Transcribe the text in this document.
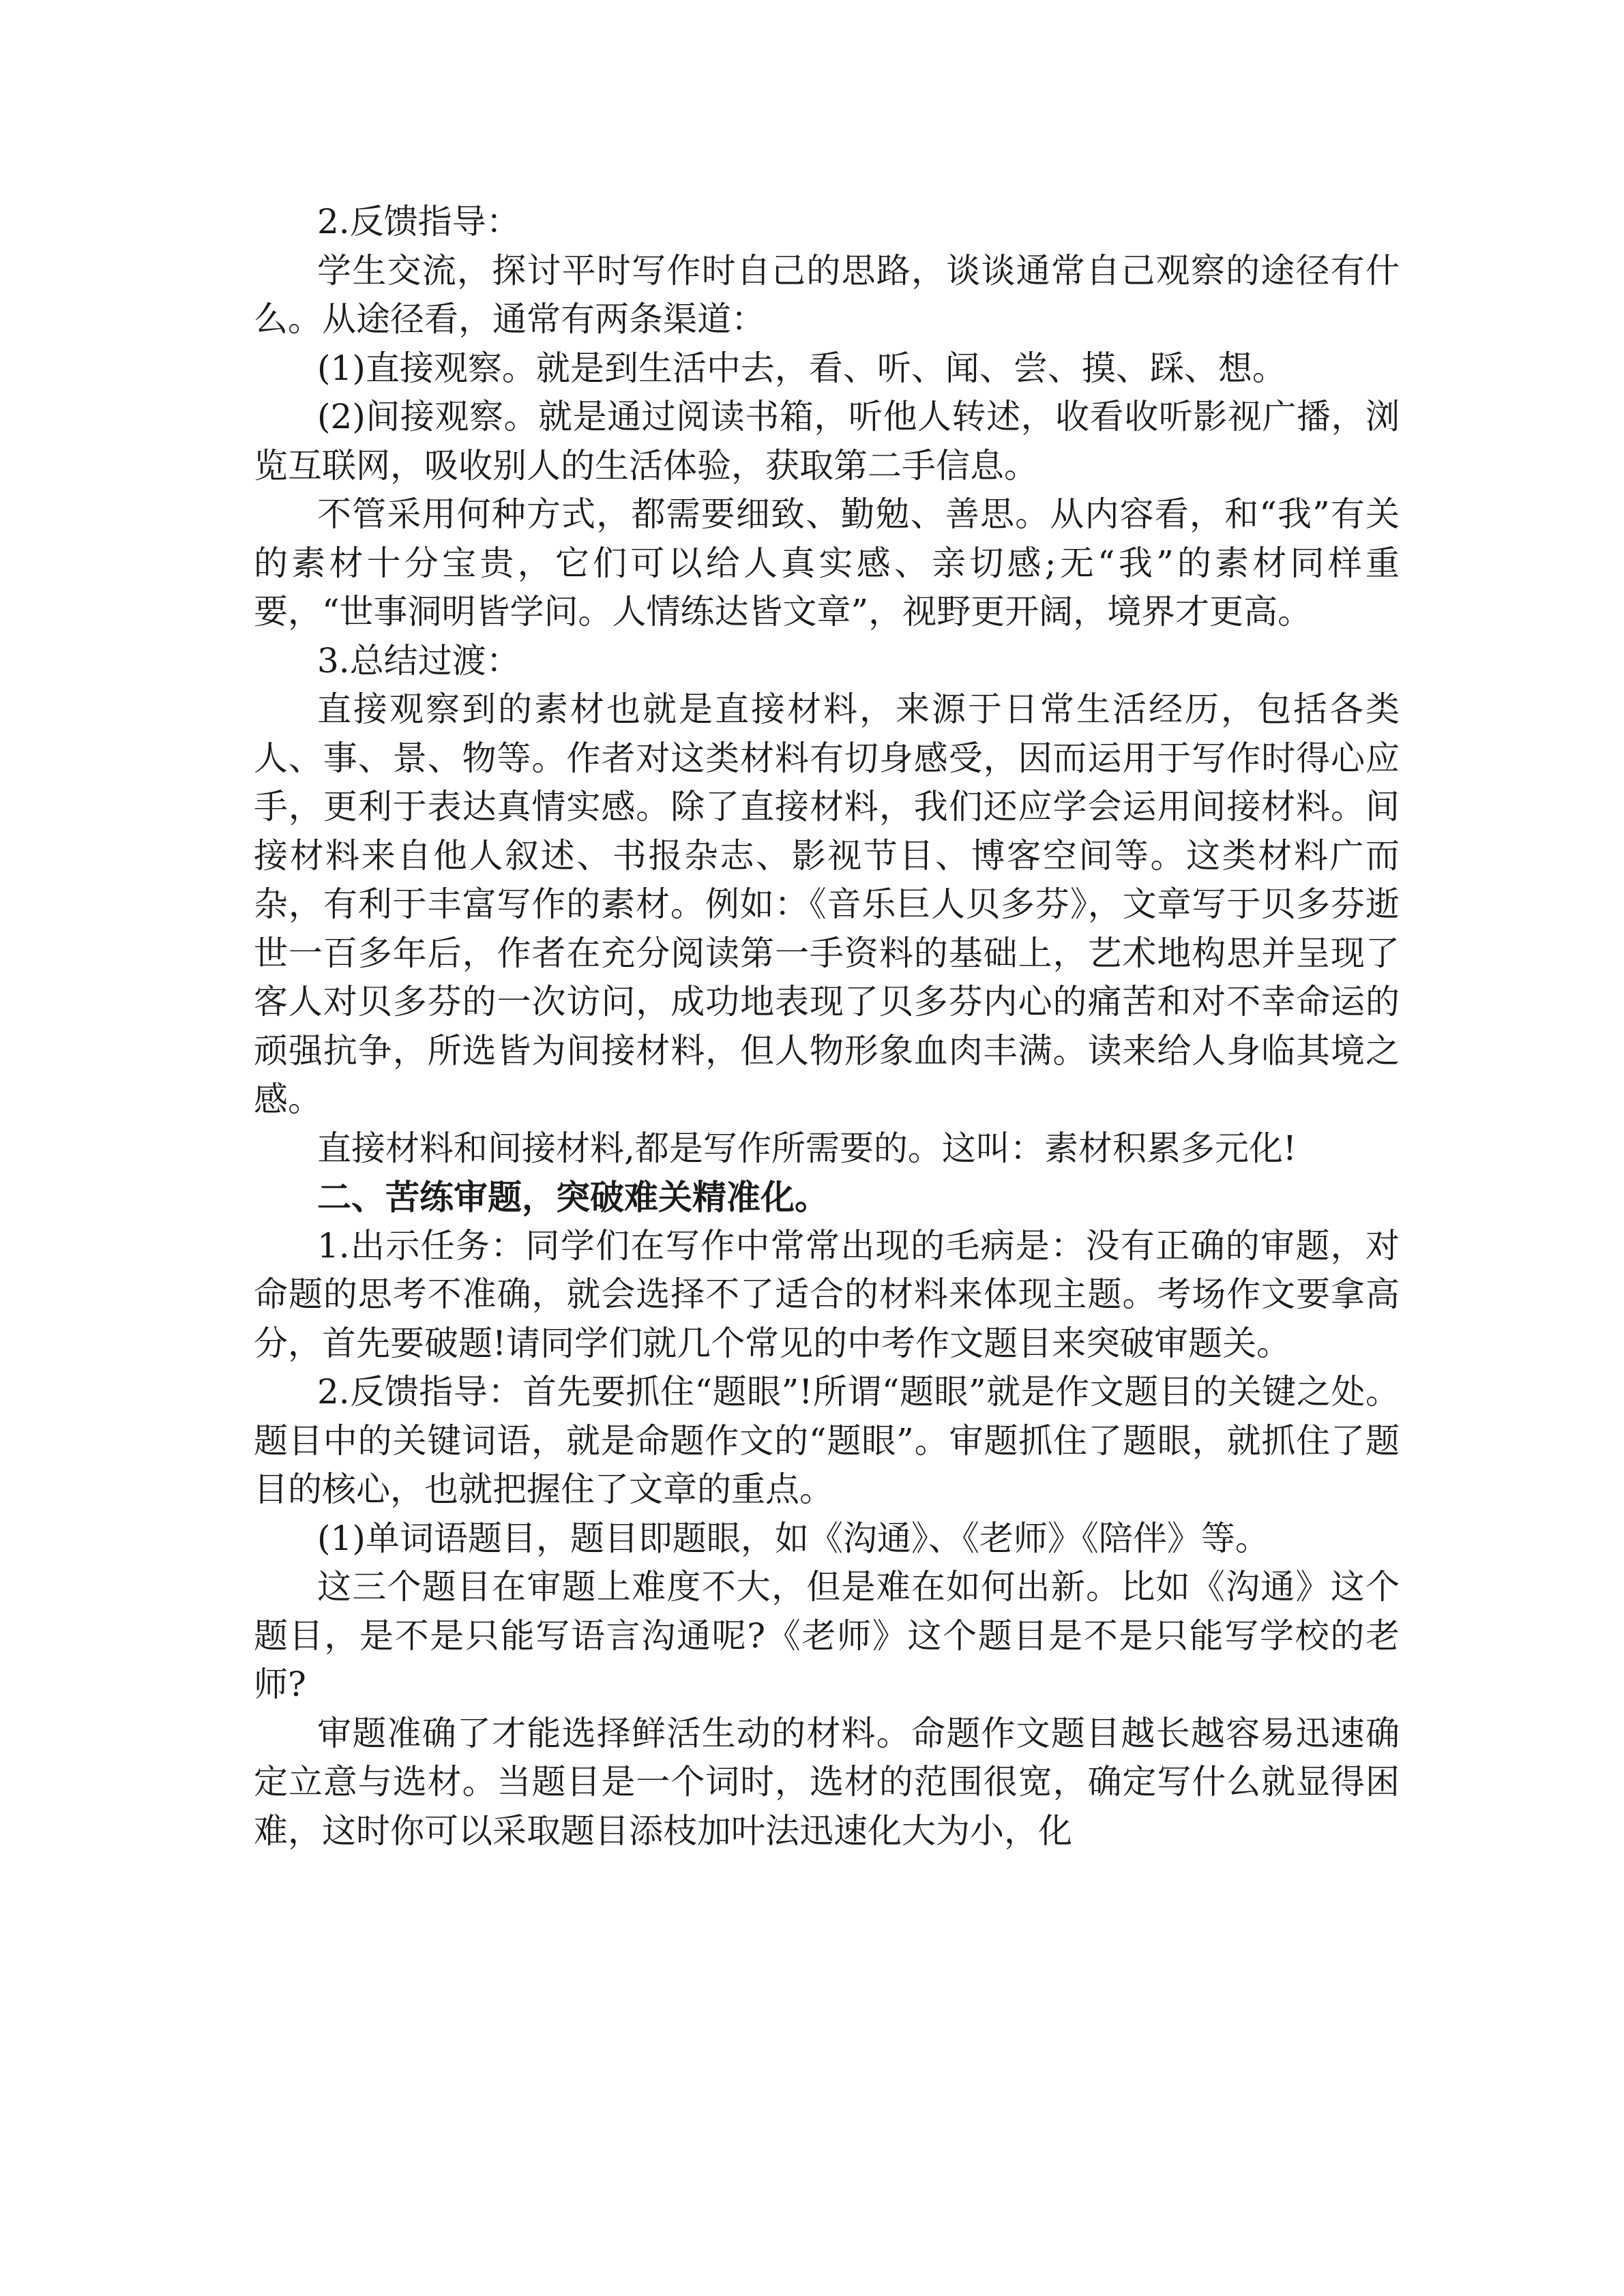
2.反馈指导：

学生交流，探讨平时写作时自己的思路，谈谈通常自己观察的途径有什么。从途径看，通常有两条渠道：

(1)直接观察。就是到生活中去，看、听、闻、尝、摸、踩、想。

(2)间接观察。就是通过阅读书箱，听他人转述，收看收听影视广播，浏览互联网，吸收别人的生活体验，获取第二手信息。

不管采用何种方式，都需要细致、勤勉、善思。从内容看，和“我”有关的素材十分宝贵，它们可以给人真实感、亲切感;无“我”的素材同样重要，“世事洞明皆学问。人情练达皆文章”，视野更开阔，境界才更高。

3.总结过渡：

直接观察到的素材也就是直接材料，来源于日常生活经历，包括各类人、事、景、物等。作者对这类材料有切身感受，因而运用于写作时得心应手，更利于表达真情实感。除了直接材料，我们还应学会运用间接材料。间接材料来自他人叙述、书报杂志、影视节目、博客空间等。这类材料广而杂，有利于丰富写作的素材。例如：《音乐巨人贝多芬》，文章写于贝多芬逝世一百多年后，作者在充分阅读第一手资料的基础上，艺术地构思并呈现了客人对贝多芬的一次访问，成功地表现了贝多芬内心的痛苦和对不幸命运的顽强抗争，所选皆为间接材料，但人物形象血肉丰满。读来给人身临其境之感。

直接材料和间接材料,都是写作所需要的。这叫：素材积累多元化!

二、苦练审题，突破难关精准化。

1.出示任务：同学们在写作中常常出现的毛病是：没有正确的审题，对命题的思考不准确，就会选择不了适合的材料来体现主题。考场作文要拿高分，首先要破题!请同学们就几个常见的中考作文题目来突破审题关。

2.反馈指导：首先要抓住“题眼”!所谓“题眼”就是作文题目的关键之处。题目中的关键词语，就是命题作文的“题眼”。审题抓住了题眼，就抓住了题目的核心，也就把握住了文章的重点。

(1)单词语题目，题目即题眼，如《沟通》、《老师》《陪伴》等。

这三个题目在审题上难度不大，但是难在如何出新。比如《沟通》这个题目，是不是只能写语言沟通呢?《老师》这个题目是不是只能写学校的老师?

审题准确了才能选择鲜活生动的材料。命题作文题目越长越容易迅速确定立意与选材。当题目是一个词时，选材的范围很宽，确定写什么就显得困难，这时你可以采取题目添枝加叶法迅速化大为小，化
